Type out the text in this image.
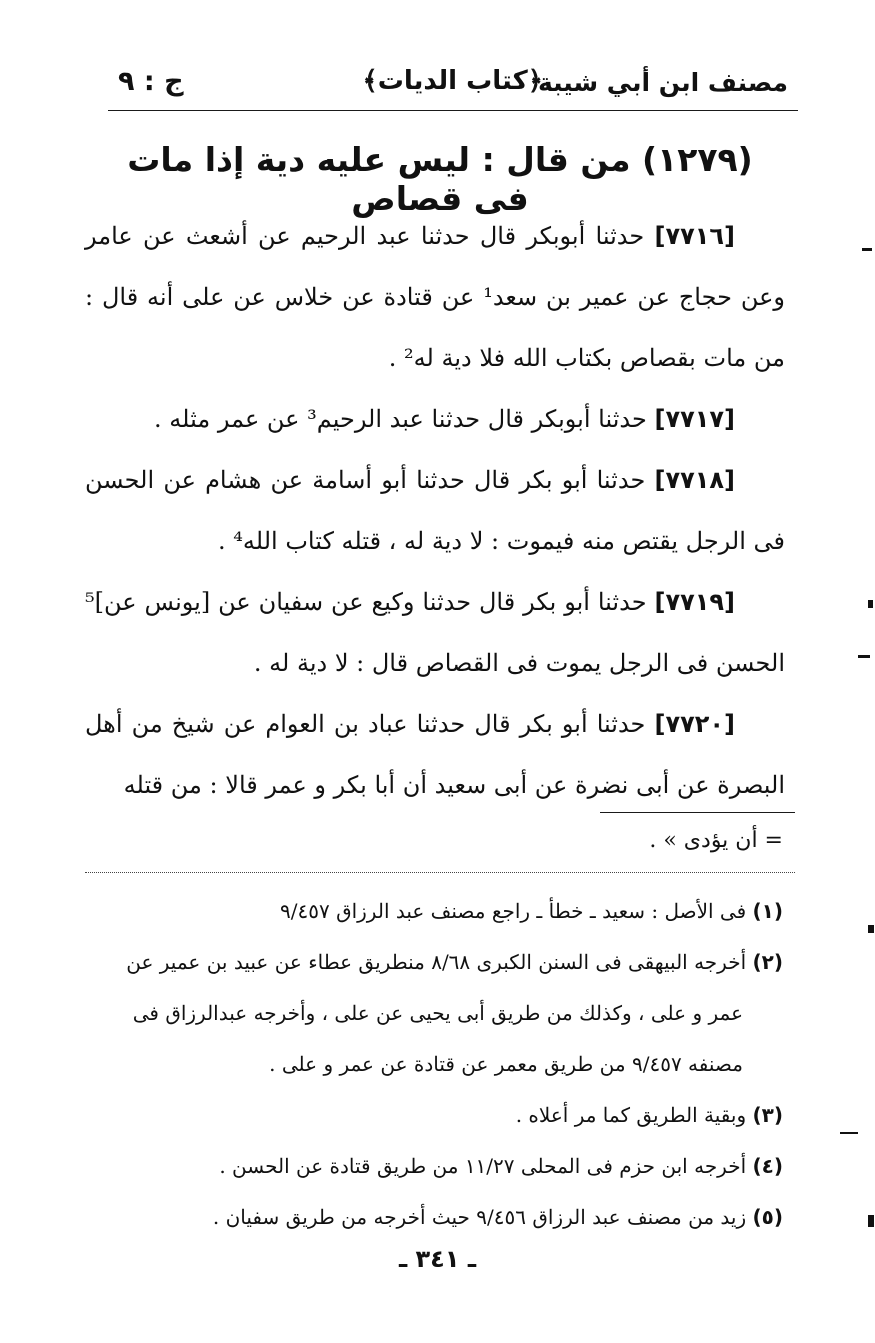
مصنف ابن أبي شيبة
﴿كتاب الديات﴾
ج : ٩
(١٢٧٩) من قال : ليس عليه دية إذا مات فى قصاص

[٧٧١٦] حدثنا أبوبكر قال حدثنا عبد الرحيم عن أشعث عن عامر وعن حجاج عن عمير بن سعد¹ عن قتادة عن خلاس عن على أنه قال : من مات بقصاص بكتاب الله فلا دية له² .

[٧٧١٧] حدثنا أبوبكر قال حدثنا عبد الرحيم³ عن عمر مثله .

[٧٧١٨] حدثنا أبو بكر قال حدثنا أبو أسامة عن هشام عن الحسن فى الرجل يقتص منه فيموت : لا دية له ، قتله كتاب الله⁴ .

[٧٧١٩] حدثنا أبو بكر قال حدثنا وكيع عن سفيان عن [يونس عن]⁵ الحسن فى الرجل يموت فى القصاص قال : لا دية له .

[٧٧٢٠] حدثنا أبو بكر قال حدثنا عباد بن العوام عن شيخ من أهل البصرة عن أبى نضرة عن أبى سعيد أن أبا بكر و عمر قالا : من قتله

= أن يؤدى » .

(١) فى الأصل : سعيد ـ خطأ ـ راجع مصنف عبد الرزاق ٩/٤٥٧

(٢) أخرجه البيهقى فى السنن الكبرى ٨/٦٨ منطريق عطاء عن عبيد بن عمير عن

عمر و على ، وكذلك من طريق أبى يحيى عن على ، وأخرجه عبدالرزاق فى

مصنفه ٩/٤٥٧ من طريق معمر عن قتادة عن عمر و على .

(٣) وبقية الطريق كما مر أعلاه .

(٤) أخرجه ابن حزم فى المحلى ١١/٢٧ من طريق قتادة عن الحسن .

(٥) زيد من مصنف عبد الرزاق ٩/٤٥٦ حيث أخرجه من طريق سفيان .

ـ ٣٤١ ـ
